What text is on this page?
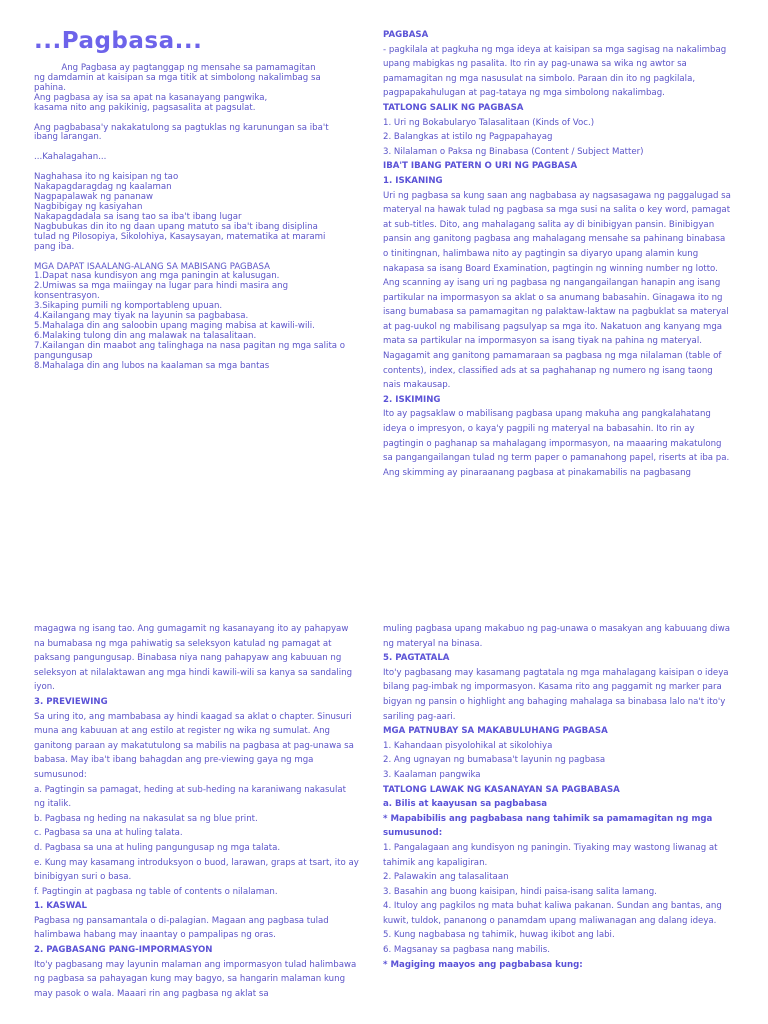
...Pagbasa...
Ang Pagbasa ay pagtanggap ng mensahe sa pamamagitan
ng damdamin at kaisipan sa mga titik at simbolong nakalimbag sa
pahina.
Ang pagbasa ay isa sa apat na kasanayang pangwika,
kasama nito ang pakikinig, pagsasalita at pagsulat.
Ang pagbabasa'y nakakatulong sa pagtuklas ng karunungan sa iba't
ibang larangan.
...Kahalagahan...
Naghahasa ito ng kaisipan ng tao
Nakapagdaragdag ng kaalaman
Nagpapalawak ng pananaw
Nagbibigay ng kasiyahan
Nakapagdadala sa isang tao sa iba't ibang lugar
Nagbubukas din ito ng daan upang matuto sa iba't ibang disiplina
tulad ng Pilosopiya, Sikolohiya, Kasaysayan, matematika at marami
pang iba.
MGA DAPAT ISAALANG-ALANG SA MABISANG PAGBASA
1.Dapat nasa kundisyon ang mga paningin at kalusugan.
2.Umiwas sa mga maiingay na lugar para hindi masira ang
konsentrasyon.
3.Sikaping pumili ng komportableng upuan.
4.Kailangang may tiyak na layunin sa pagbabasa.
5.Mahalaga din ang saloobin upang maging mabisa at kawili-wili.
6.Malaking tulong din ang malawak na talasalitaan.
7.Kailangan din maabot ang talinghaga na nasa pagitan ng mga salita o
pangungusap
8.Mahalaga din ang lubos na kaalaman sa mga bantas

PAGBASA

- pagkilala at pagkuha ng mga ideya at kaisipan sa mga sagisag na nakalimbag upang mabigkas ng pasalita. Ito rin ay pag-unawa sa wika ng awtor sa pamamagitan ng mga nasusulat na simbolo. Paraan din ito ng pagkilala, pagpapakahulugan at pag-tataya ng mga simbolong nakalimbag.

TATLONG SALIK NG PAGBASA

1. Uri ng Bokabularyo Talasalitaan (Kinds of Voc.)

2. Balangkas at istilo ng Pagpapahayag

3. Nilalaman o Paksa ng Binabasa (Content / Subject Matter)

IBA'T IBANG PATERN O URI NG PAGBASA

1. ISKANING

Uri ng pagbasa sa kung saan ang nagbabasa ay nagsasagawa ng paggalugad sa materyal na hawak tulad ng pagbasa sa mga susi na salita o key word, pamagat at sub-titles. Dito, ang mahalagang salita ay di binibigyan pansin. Binibigyan pansin ang ganitong pagbasa ang mahalagang mensahe sa pahinang binabasa o tinitingnan, halimbawa nito ay pagtingin sa diyaryo upang alamin kung nakapasa sa isang Board Examination, pagtingin ng winning number ng lotto.

Ang scanning ay isang uri ng pagbasa ng nangangailangan hanapin ang isang partikular na impormasyon sa aklat o sa anumang babasahin. Ginagawa ito ng isang bumabasa sa pamamagitan ng palaktaw-laktaw na pagbuklat sa materyal at pag-uukol ng mabilisang pagsulyap sa mga ito. Nakatuon ang kanyang mga mata sa partikular na impormasyon sa isang tiyak na pahina ng materyal. Nagagamit ang ganitong pamamaraan sa pagbasa ng mga nilalaman (table of contents), index, classified ads at sa paghahanap ng numero ng isang taong nais makausap.

2. ISKIMING

Ito ay pagsaklaw o mabilisang pagbasa upang makuha ang pangkalahatang ideya o impresyon, o kaya'y pagpili ng materyal na babasahin. Ito rin ay pagtingin o paghanap sa mahalagang impormasyon, na maaaring makatulong sa pangangailangan tulad ng term paper o pamanahong papel, riserts at iba pa.

Ang skimming ay pinaraanang pagbasa at pinakamabilis na pagbasang

magagwa ng isang tao. Ang gumagamit ng kasanayang ito ay pahapyaw na bumabasa ng mga pahiwatig sa seleksyon katulad ng pamagat at paksang pangungusap. Binabasa niya nang pahapyaw ang kabuuan ng seleksyon at nilalaktawan ang mga hindi kawili-wili sa kanya sa sandaling iyon.

3. PREVIEWING

Sa uring ito, ang mambabasa ay hindi kaagad sa aklat o chapter. Sinusuri muna ang kabuuan at ang estilo at register ng wika ng sumulat. Ang ganitong paraan ay makatutulong sa mabilis na pagbasa at pag-unawa sa babasa. May iba't ibang bahagdan ang pre-viewing gaya ng mga sumusunod:

a. Pagtingin sa pamagat, heding at sub-heding na karaniwang nakasulat ng italik.

b. Pagbasa ng heding na nakasulat sa ng blue print.

c. Pagbasa sa una at huling talata.

d. Pagbasa sa una at huling pangungusap ng mga talata.

e. Kung may kasamang introduksyon o buod, larawan, graps at tsart, ito ay binibigyan suri o basa.

f. Pagtingin at pagbasa ng table of contents o nilalaman.

1. KASWAL

Pagbasa ng pansamantala o di-palagian. Magaan ang pagbasa tulad halimbawa habang may inaantay o pampalipas ng oras.

2. PAGBASANG PANG-IMPORMASYON

Ito'y pagbasang may layunin malaman ang impormasyon tulad halimbawa ng pagbasa sa pahayagan kung may bagyo, sa hangarin malaman kung may pasok o wala. Maaari rin ang pagbasa ng aklat sa

muling pagbasa upang makabuo ng pag-unawa o masakyan ang kabuuang diwa ng materyal na binasa.

5. PAGTATALA

Ito'y pagbasang may kasamang pagtatala ng mga mahalagang kaisipan o ideya bilang pag-imbak ng impormasyon. Kasama rito ang paggamit ng marker para bigyan ng pansin o highlight ang bahaging mahalaga sa binabasa lalo na't ito'y sariling pag-aari.

MGA PATNUBAY SA MAKABULUHANG PAGBASA

1. Kahandaan pisyolohikal at sikolohiya

2. Ang ugnayan ng bumabasa't layunin ng pagbasa

3. Kaalaman pangwika

TATLONG LAWAK NG KASANAYAN SA PAGBABASA

a. Bilis at kaayusan sa pagbabasa

* Mapabibilis ang pagbabasa nang tahimik sa pamamagitan ng mga sumusunod:

1. Pangalagaan ang kundisyon ng paningin. Tiyaking may wastong liwanag at tahimik ang kapaligiran.

2. Palawakin ang talasalitaan

3. Basahin ang buong kaisipan, hindi paisa-isang salita lamang.

4. Ituloy ang pagkilos ng mata buhat kaliwa pakanan. Sundan ang bantas, ang kuwit, tuldok, pananong o panamdam upang maliwanagan ang dalang ideya.

5. Kung nagbabasa ng tahimik, huwag ikibot ang labi.

6. Magsanay sa pagbasa nang mabilis.

* Magiging maayos ang pagbabasa kung:
